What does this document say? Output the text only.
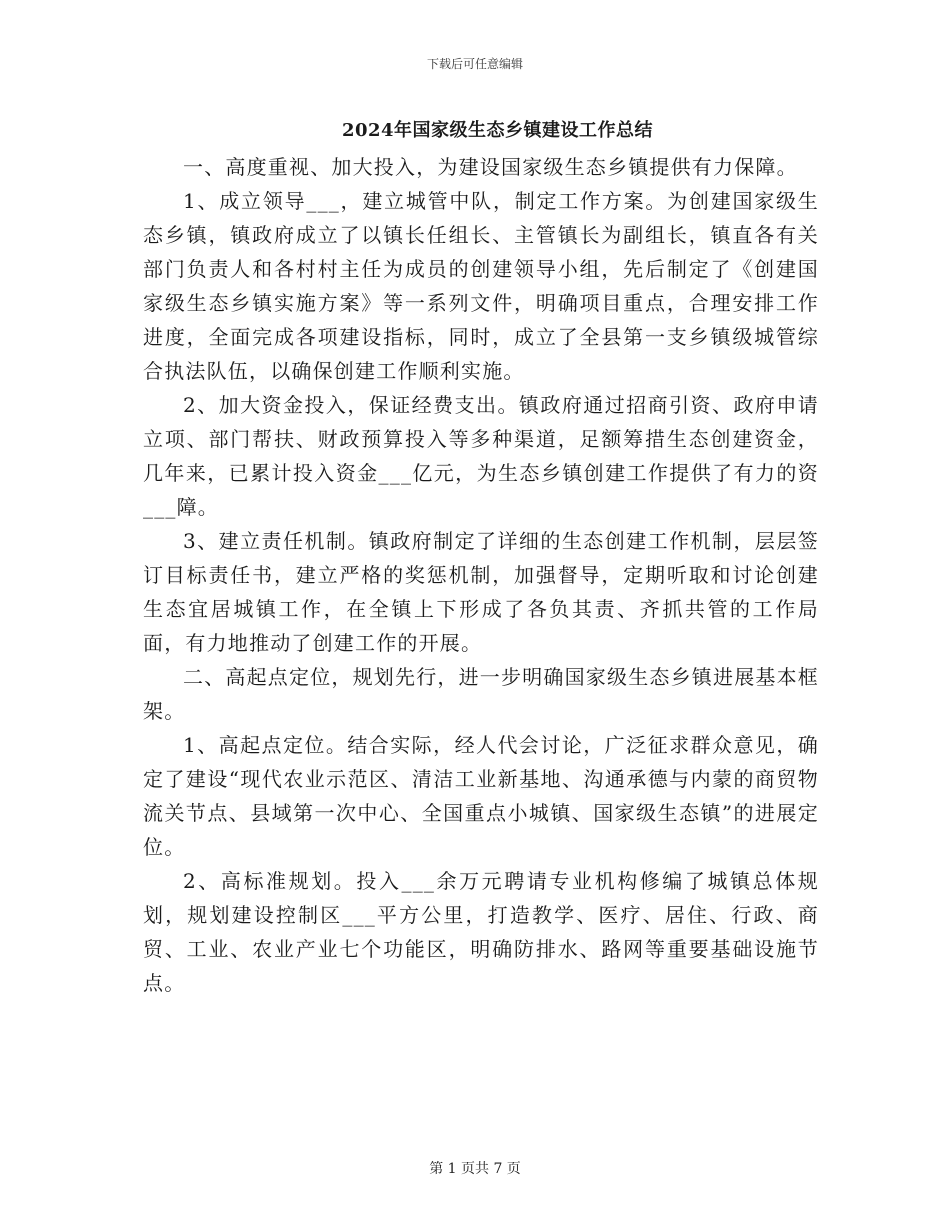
下载后可任意编辑
2024年国家级生态乡镇建设工作总结

一、高度重视、加大投入，为建设国家级生态乡镇提供有力保障。

1、成立领导___，建立城管中队，制定工作方案。为创建国家级生态乡镇，镇政府成立了以镇长任组长、主管镇长为副组长，镇直各有关部门负责人和各村村主任为成员的创建领导小组，先后制定了《创建国家级生态乡镇实施方案》等一系列文件，明确项目重点，合理安排工作进度，全面完成各项建设指标，同时，成立了全县第一支乡镇级城管综合执法队伍，以确保创建工作顺利实施。

2、加大资金投入，保证经费支出。镇政府通过招商引资、政府申请立项、部门帮扶、财政预算投入等多种渠道，足额筹措生态创建资金，几年来，已累计投入资金___亿元，为生态乡镇创建工作提供了有力的资___障。

3、建立责任机制。镇政府制定了详细的生态创建工作机制，层层签订目标责任书，建立严格的奖惩机制，加强督导，定期听取和讨论创建生态宜居城镇工作，在全镇上下形成了各负其责、齐抓共管的工作局面，有力地推动了创建工作的开展。

二、高起点定位，规划先行，进一步明确国家级生态乡镇进展基本框架。

1、高起点定位。结合实际，经人代会讨论，广泛征求群众意见，确定了建设“现代农业示范区、清洁工业新基地、沟通承德与内蒙的商贸物流关节点、县域第一次中心、全国重点小城镇、国家级生态镇”的进展定位。

2、高标准规划。投入___余万元聘请专业机构修编了城镇总体规划，规划建设控制区___平方公里，打造教学、医疗、居住、行政、商贸、工业、农业产业七个功能区，明确防排水、路网等重要基础设施节点。

第 1 页共 7 页
